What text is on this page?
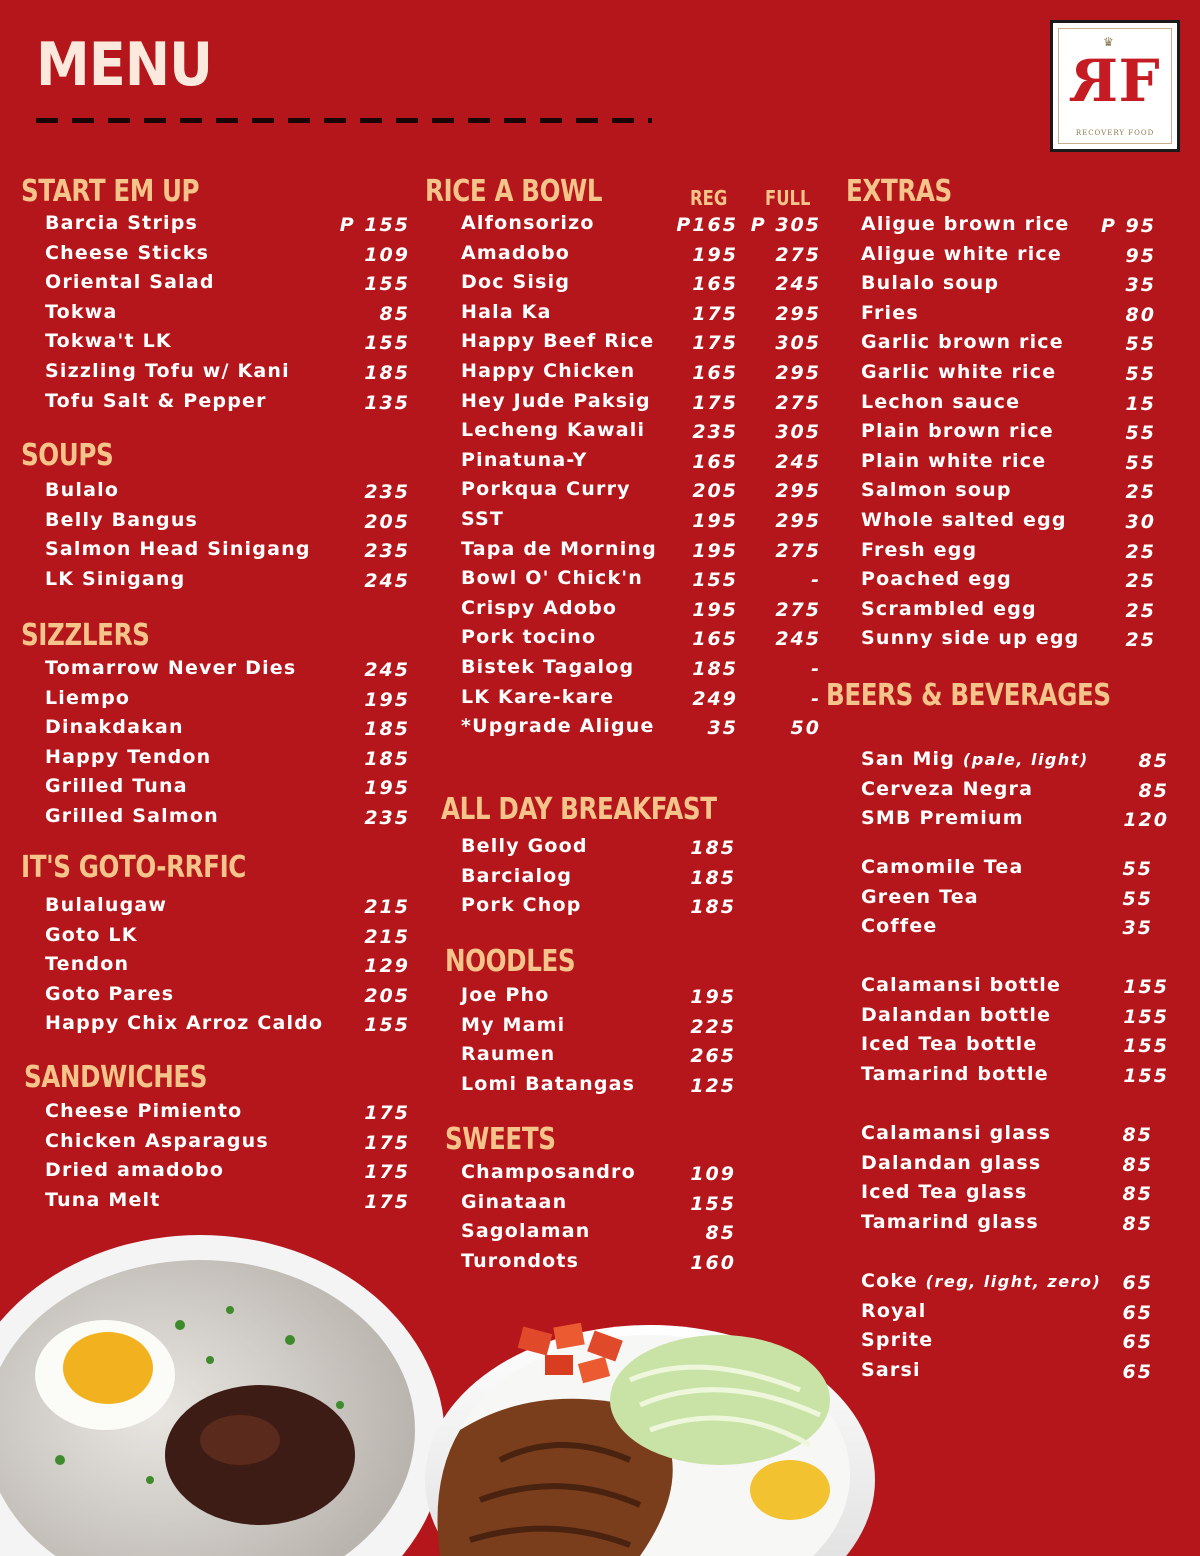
MENU	♛
RF
RECOVERY FOOD
START EM UP
Barcia Strips	P 155
Cheese Sticks	109
Oriental Salad	155
Tokwa	85
Tokwa't LK	155
Sizzling Tofu w/ Kani	185
Tofu Salt & Pepper	135
SOUPS
Bulalo	235
Belly Bangus	205
Salmon Head Sinigang	235
LK Sinigang	245
SIZZLERS
Tomarrow Never Dies	245
Liempo	195
Dinakdakan	185
Happy Tendon	185
Grilled Tuna	195
Grilled Salmon	235
IT'S GOTO-RRFIC
Bulalugaw	215
Goto LK	215
Tendon	129
Goto Pares	205
Happy Chix Arroz Caldo 155
SANDWICHES
Cheese Pimiento	175
Chicken Asparagus	175
Dried amadobo	175
Tuna Melt	175
RICE A BOWL	REG FULL
Alfonsorizo	P165 P 305
Amadobo	195 275
Doc Sisig	165 245
Hala Ka	175 295
Happy Beef Rice 175 305
Happy Chicken	165 295
Hey Jude Paksig 175 275
Lecheng Kawali 235 305
Pinatuna-Y	165 245
Porkqua Curry	205 295
SST	195 295
Tapa de Morning 195 275
Bowl O' Chick'n	155	-
Crispy Adobo	195 275
Pork tocino	165 245
Bistek Tagalog	185	-
LK Kare-kare	249	-
*Upgrade Aligue	35	50
ALL DAY BREAKFAST
Belly Good	185
Barcialog	185
Pork Chop	185
NOODLES
Joe Pho	195
My Mami	225
Raumen	265
Lomi Batangas	125
SWEETS
Champosandro	109
Ginataan	155
Sagolaman	85
Turondots	160
EXTRAS
Aligue brown rice P 95
Aligue white rice	95
Bulalo soup	35
Fries	80
Garlic brown rice	55
Garlic white rice	55
Lechon sauce	15
Plain brown rice	55
Plain white rice	55
Salmon soup	25
Whole salted egg	30
Fresh egg	25
Poached egg	25
Scrambled egg	25
Sunny side up egg 25
BEERS & BEVERAGES
San Mig (pale, light)	85
Cerveza Negra	85
SMB Premium	120
Camomile Tea	55
Green Tea	55
Coffee	35
Calamansi bottle	155
Dalandan bottle	155
Iced Tea bottle	155
Tamarind bottle	155
Calamansi glass	85
Dalandan glass	85
Iced Tea glass	85
Tamarind glass	85
Coke (reg, light, zero) 65
Royal	65
Sprite	65
Sarsi	65
